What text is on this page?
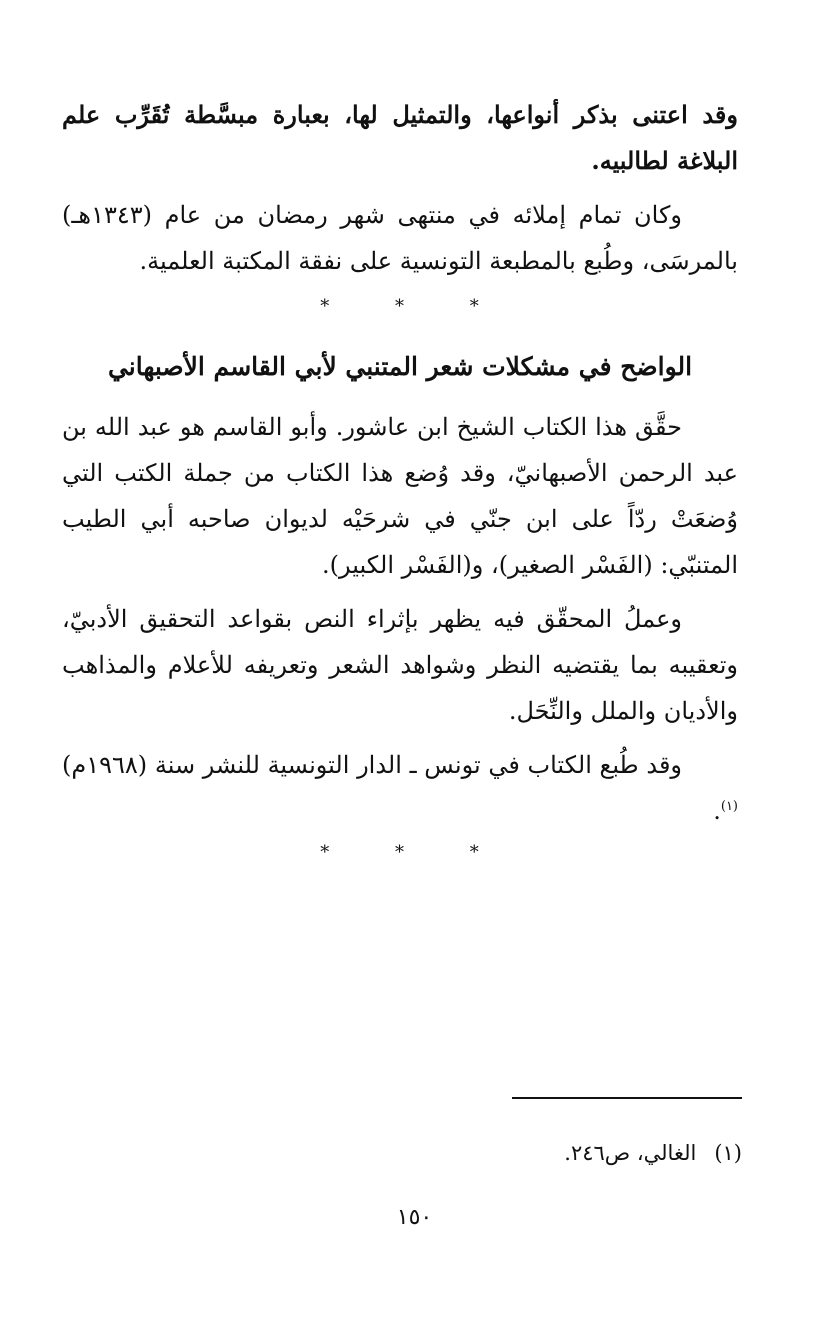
وقد اعتنى بذكر أنواعها، والتمثيل لها، بعبارة مبسَّطة تُقَرِّب علم البلاغة لطالبيه.

وكان تمام إملائه في منتهى شهر رمضان من عام (١٣٤٣هـ) بالمرسَى، وطُبع بالمطبعة التونسية على نفقة المكتبة العلمية.

* * *

الواضح في مشكلات شعر المتنبي لأبي القاسم الأصبهاني

حقَّق هذا الكتاب الشيخ ابن عاشور. وأبو القاسم هو عبد الله بن عبد الرحمن الأصبهانيّ، وقد وُضع هذا الكتاب من جملة الكتب التي وُضعَتْ ردّاً على ابن جنّي في شرحَيْه لديوان صاحبه أبي الطيب المتنبّي: (الفَسْر الصغير)، و(الفَسْر الكبير).

وعملُ المحقّق فيه يظهر بإثراء النص بقواعد التحقيق الأدبيّ، وتعقيبه بما يقتضيه النظر وشواهد الشعر وتعريفه للأعلام والمذاهب والأديان والملل والنِّحَل.

وقد طُبع الكتاب في تونس ـ الدار التونسية للنشر سنة (١٩٦٨م)$^{(١)}$.

* * *

(١)الغالي، ص٢٤٦.

١٥٠
